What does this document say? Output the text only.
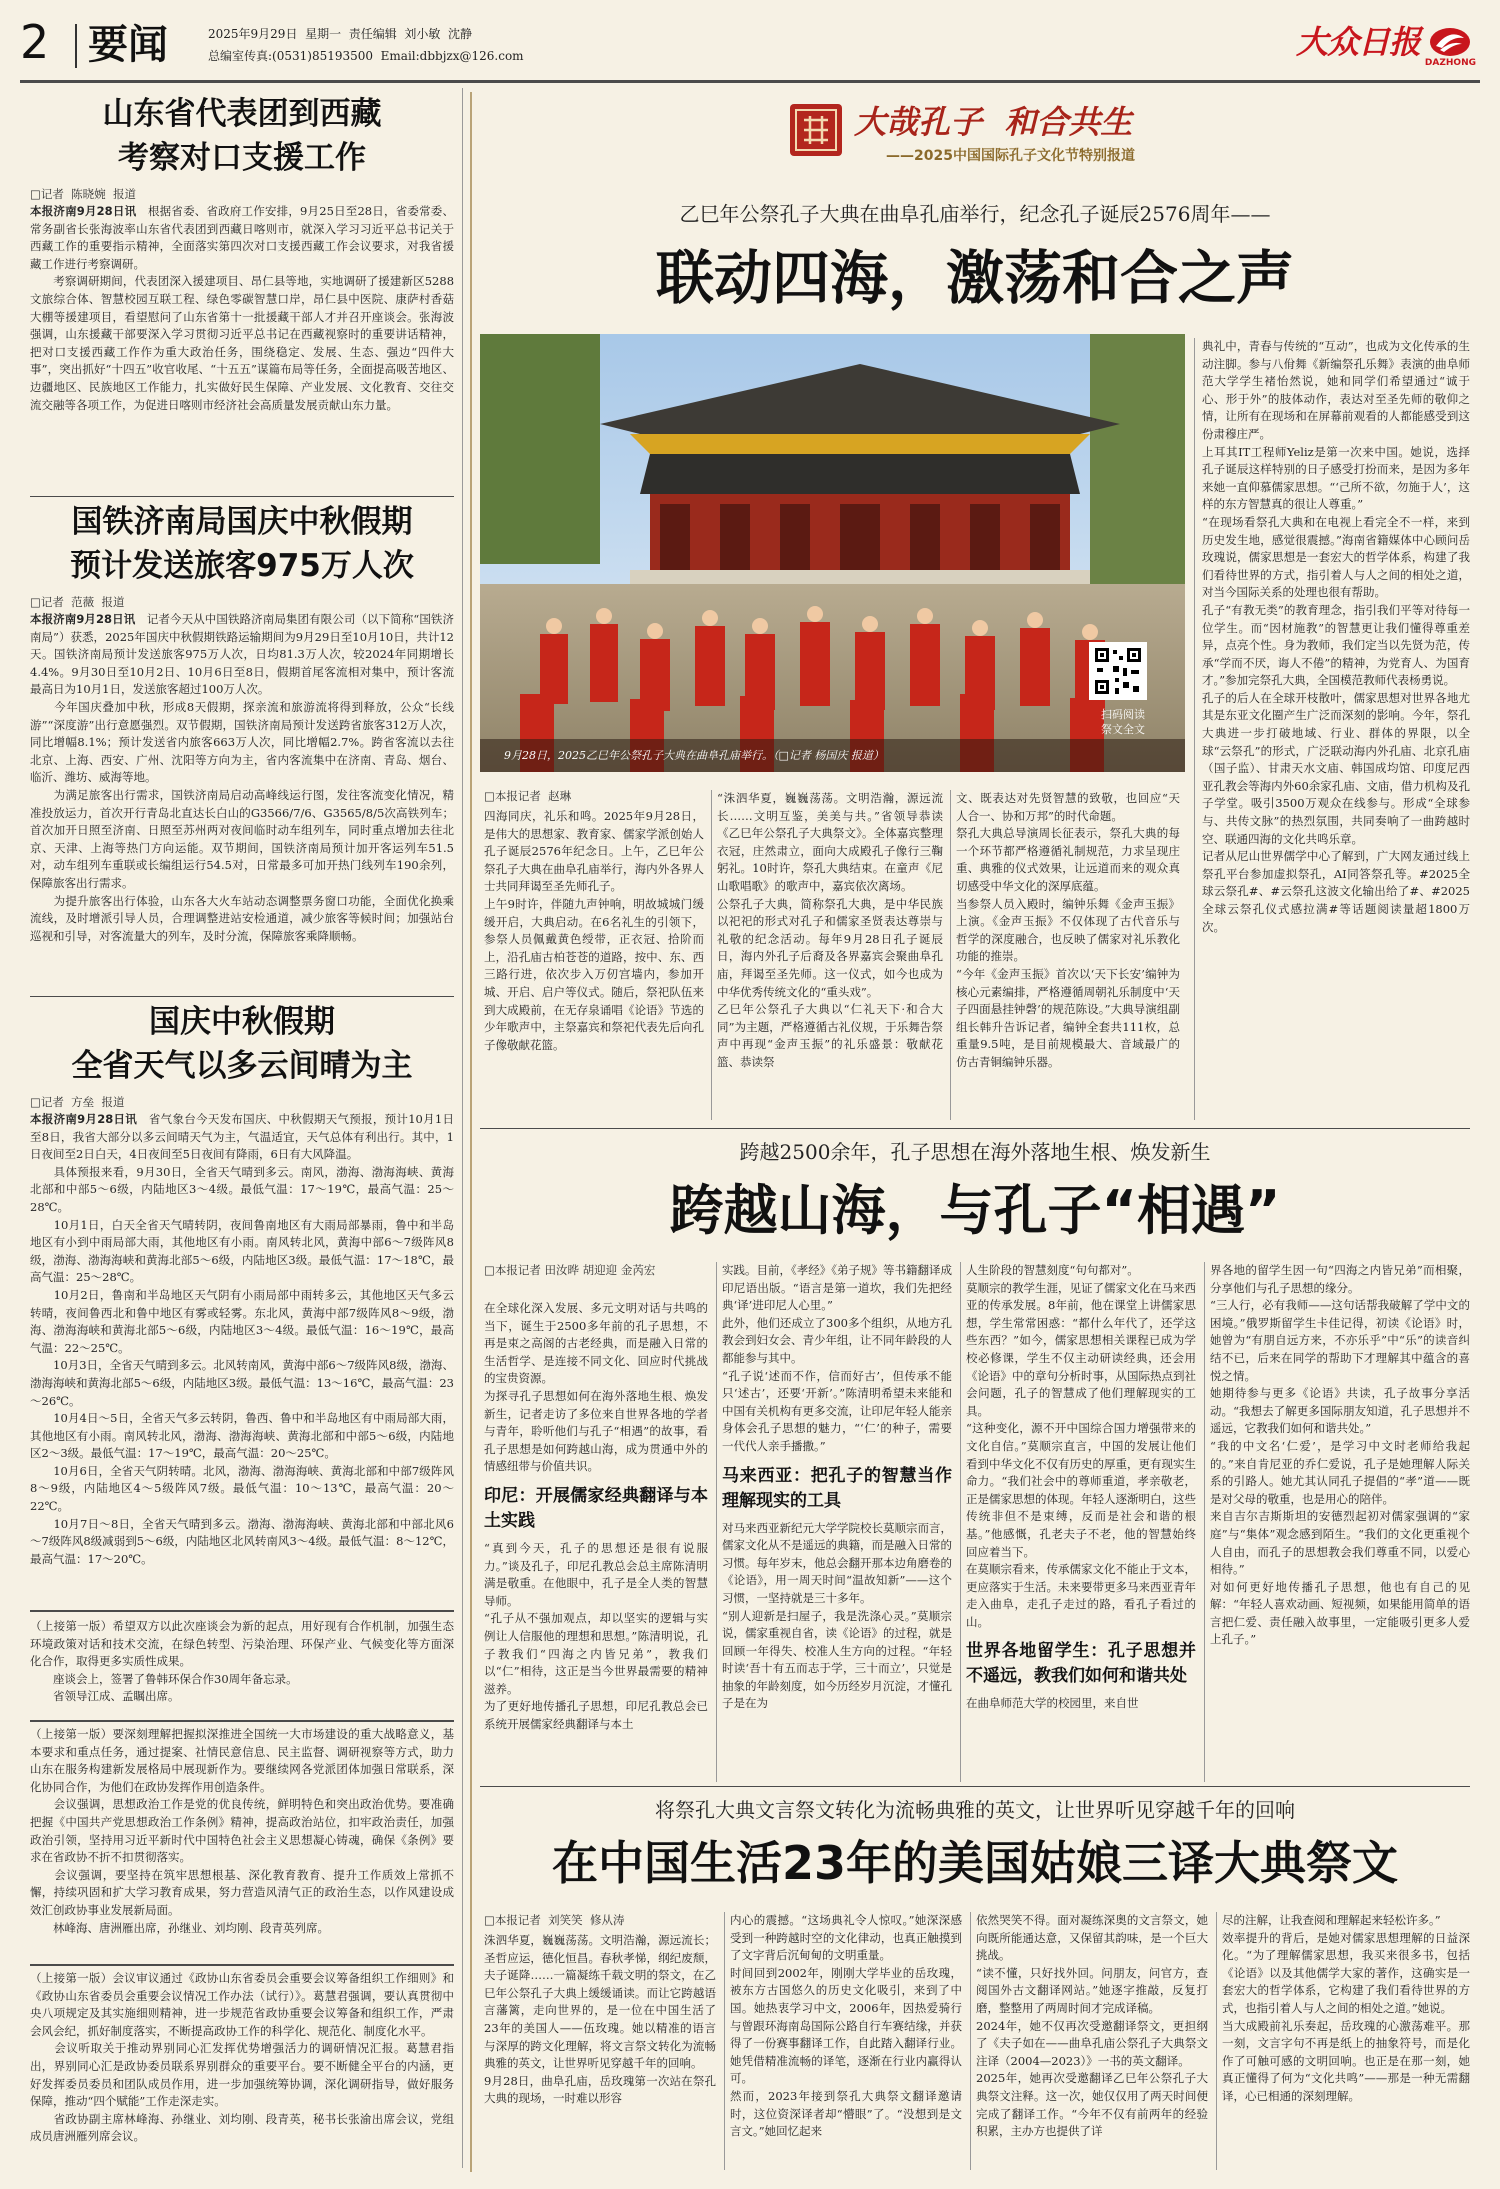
2 要闻	2025年9月29日  星期一  责任编辑  刘小敏  沈静
总编室传真:(0531)85193500  Email:dbbjzx@126.com	大众日报
DAZHONG
山东省代表团到西藏
考察对口支援工作
□记者  陈晓婉  报道
本报济南9月28日讯　 根据省委、省政府工作安排，9月25日至28日，省委常委、常务副省长张海波率山东省代表团到西藏日喀则市，就深入学习习近平总书记关于西藏工作的重要指示精神，全面落实第四次对口支援西藏工作会议要求，对我省援藏工作进行考察调研。
　　考察调研期间，代表团深入援建项目、昂仁县等地，实地调研了援建新区5288文旅综合体、智慧校园互联工程、绿色零碳智慧口岸，昂仁县中医院、康萨村香菇大棚等援建项目，看望慰问了山东省第十一批援藏干部人才并召开座谈会。张海波强调，山东援藏干部要深入学习贯彻习近平总书记在西藏视察时的重要讲话精神，把对口支援西藏工作作为重大政治任务，围绕稳定、发展、生态、强边“四件大事”，突出抓好“十四五”收官收尾、“十五五”谋篇布局等任务，全面提高吸苦地区、边疆地区、民族地区工作能力，扎实做好民生保障、产业发展、文化教育、交往交流交融等各项工作，为促进日喀则市经济社会高质量发展贡献山东力量。
国铁济南局国庆中秋假期
预计发送旅客975万人次
□记者  范薇  报道
本报济南9月28日讯　 记者今天从中国铁路济南局集团有限公司（以下简称“国铁济南局”）获悉，2025年国庆中秋假期铁路运输期间为9月29日至10月10日，共计12天。国铁济南局预计发送旅客975万人次，日均81.3万人次，较2024年同期增长4.4%。9月30日至10月2日、10月6日至8日，假期首尾客流相对集中，预计客流最高日为10月1日，发送旅客超过100万人次。
　　今年国庆叠加中秋，形成8天假期，探亲流和旅游流将得到释放，公众“长线游”“深度游”出行意愿强烈。双节假期，国铁济南局预计发送跨省旅客312万人次，同比增幅8.1%；预计发送省内旅客663万人次，同比增幅2.7%。跨省客流以去往北京、上海、西安、广州、沈阳等方向为主，省内客流集中在济南、青岛、烟台、临沂、潍坊、威海等地。
　　为满足旅客出行需求，国铁济南局启动高峰线运行图，发往客流变化情况，精准投放运力，首次开行青岛北直达长白山的G3566/7/6、G3565/8/5次高铁列车；首次加开日照至济南、日照至苏州两对夜间临时动车组列车，同时重点增加去往北京、天津、上海等热门方向运能。双节期间，国铁济南局预计加开客运列车51.5对，动车组列车重联或长编组运行54.5对，日常最多可加开热门线列车190余列，保障旅客出行需求。
　　为提升旅客出行体验，山东各大火车站动态调整票务窗口功能，全面优化换乘流线，及时增派引导人员，合理调整进站安检通道，减少旅客等候时间；加强站台巡视和引导，对客流量大的列车，及时分流，保障旅客乘降顺畅。
国庆中秋假期
全省天气以多云间晴为主
□记者  方垒  报道
本报济南9月28日讯　 省气象台今天发布国庆、中秋假期天气预报，预计10月1日至8日，我省大部分以多云间晴天气为主，气温适宜，天气总体有利出行。其中，1日夜间至2日白天，4日夜间至5日夜间有降雨，6日有大风降温。
　　具体预报来看，9月30日，全省天气晴到多云。南风，渤海、渤海海峡、黄海北部和中部5～6级，内陆地区3～4级。最低气温：17～19℃，最高气温：25～28℃。
　　10月1日，白天全省天气晴转阴，夜间鲁南地区有大雨局部暴雨，鲁中和半岛地区有小到中雨局部大雨，其他地区有小雨。南风转北风，黄海中部6～7级阵风8级，渤海、渤海海峡和黄海北部5～6级，内陆地区3级。最低气温：17～18℃，最高气温：25～28℃。
　　10月2日，鲁南和半岛地区天气阴有小雨局部中雨转多云，其他地区天气多云转晴，夜间鲁西北和鲁中地区有雾或轻雾。东北风，黄海中部7级阵风8～9级，渤海、渤海海峡和黄海北部5～6级，内陆地区3～4级。最低气温：16～19℃，最高气温：22～25℃。
　　10月3日，全省天气晴到多云。北风转南风，黄海中部6～7级阵风8级，渤海、渤海海峡和黄海北部5～6级，内陆地区3级。最低气温：13～16℃，最高气温：23～26℃。
　　10月4日～5日，全省天气多云转阴，鲁西、鲁中和半岛地区有中雨局部大雨，其他地区有小雨。南风转北风，渤海、渤海海峡、黄海北部和中部5～6级，内陆地区2～3级。最低气温：17～19℃，最高气温：20～25℃。
　　10月6日，全省天气阴转晴。北风，渤海、渤海海峡、黄海北部和中部7级阵风8～9级，内陆地区4～5级阵风7级。最低气温：10～13℃，最高气温：20～22℃。
　　10月7日～8日，全省天气晴到多云。渤海、渤海海峡、黄海北部和中部北风6～7级阵风8级减弱到5～6级，内陆地区北风转南风3～4级。最低气温：8～12℃，最高气温：17～20℃。
（上接第一版）希望双方以此次座谈会为新的起点，用好现有合作机制，加强生态环境政策对话和技术交流，在绿色转型、污染治理、环保产业、气候变化等方面深化合作，取得更多实质性成果。
　　座谈会上，签署了鲁韩环保合作30周年备忘录。
　　省领导江成、孟瞩出席。
（上接第一版）要深刻理解把握拟深推进全国统一大市场建设的重大战略意义，基本要求和重点任务，通过提案、社情民意信息、民主监督、调研视察等方式，助力山东在服务构建新发展格局中展现新作为。要继续网各党派团体加强日常联系，深化协同合作，为他们在政协发挥作用创造条件。
　　会议强调，思想政治工作是党的优良传统，鲜明特色和突出政治优势。要准确把握《中国共产党思想政治工作条例》精神，提高政治站位，扣牢政治责任，加强政治引领，坚持用习近平新时代中国特色社会主义思想凝心铸魂，确保《条例》要求在省政协不折不扣贯彻落实。
　　会议强调，要坚持在筑牢思想根基、深化教育教育、提升工作质效上常抓不懈，持续巩固和扩大学习教育成果，努力营造风清气正的政治生态，以作风建设成效汇创政协事业发展新局面。
　　林峰海、唐洲雁出席，孙继业、刘均刚、段青英列席。
（上接第一版）会议审议通过《政协山东省委员会重要会议筹备组织工作细则》和《政协山东省委员会重要会议情况工作办法（试行）》。葛慧君强调，要认真贯彻中央八项规定及其实施细则精神，进一步规范省政协重要会议筹备和组织工作，严肃会风会纪，抓好制度落实，不断提高政协工作的科学化、规范化、制度化水平。
　　会议听取关于推动界别同心汇发挥优势增强活力的调研情况汇报。葛慧君指出，界别同心汇是政协委员联系界别群众的重要平台。要不断健全平台的内涵，更好发挥委员委员和团队成员作用，进一步加强统筹协调，深化调研指导，做好服务保障，推动“四个赋能”工作走深走实。
　　省政协副主席林峰海、孙继业、刘均刚、段青英，秘书长张渝出席会议，党组成员唐洲雁列席会议。
大哉孔子  和合共生
——2025中国国际孔子文化节特别报道
乙巳年公祭孔子大典在曲阜孔庙举行，纪念孔子诞辰2576周年——
联动四海，激荡和合之声
9月28日，2025乙巳年公祭孔子大典在曲阜孔庙举行。（□记者 杨国庆 报道）
扫码阅读
祭文全文
□本报记者  赵琳
四海同庆，礼乐和鸣。2025年9月28日，是伟大的思想家、教育家、儒家学派创始人孔子诞辰2576年纪念日。上午，乙巳年公祭孔子大典在曲阜孔庙举行，海内外各界人士共同拜谒至圣先师孔子。
上午9时许，伴随九声钟响，明故城城门缓缓开启，大典启动。在6名礼生的引领下，参祭人员佩戴黄色绶带，正衣冠、拾阶而上，沿孔庙古柏苍苍的道路，按中、东、西三路行进，依次步入万仞宫墙内，参加开城、开启、启户等仪式。随后，祭祀队伍来到大成殿前，在无存泉诵唱《论语》节选的少年歌声中，主祭嘉宾和祭祀代表先后向孔子像敬献花篮。
“洙泗华夏，巍巍荡荡。文明浩瀚，源远流长……文明互鉴，美美与共。”省领导恭读《乙巳年公祭孔子大典祭文》。全体嘉宾整理衣冠，庄然肃立，面向大成殿孔子像行三鞠躬礼。10时许，祭孔大典结束。在童声《尼山歌唱歌》的歌声中，嘉宾依次离场。
公祭孔子大典，简称祭孔大典，是中华民族以祀祀的形式对孔子和儒家圣贤表达尊崇与礼敬的纪念活动。每年9月28日孔子诞辰日，海内外孔子后裔及各界嘉宾会聚曲阜孔庙，拜谒至圣先师。这一仪式，如今也成为中华优秀传统文化的“重头戏”。
乙巳年公祭孔子大典以“仁礼天下·和合大同”为主题，严格遵循古礼仪规，于乐舞告祭声中再现“金声玉振”的礼乐盛景：敬献花篮、恭读祭
文、既表达对先贤智慧的致敬，也回应“天人合一、协和万邦”的时代命题。
祭孔大典总导演周长征表示，祭孔大典的每一个环节都严格遵循礼制规范，力求呈现庄重、典雅的仪式效果，让远道而来的观众真切感受中华文化的深厚底蕴。
当参祭人员入殿时，编钟乐舞《金声玉振》上演。《金声玉振》不仅体现了古代音乐与哲学的深度融合，也反映了儒家对礼乐教化功能的推崇。
“今年《金声玉振》首次以‘天下长安’编钟为核心元素编排，严格遵循周朝礼乐制度中‘天子四面悬挂钟磬’的规范陈设。”大典导演组副组长韩升告诉记者，编钟全套共111枚，总重量9.5吨，是目前规模最大、音域最广的仿古青铜编钟乐器。
典礼中，青春与传统的“互动”，也成为文化传承的生动注脚。参与八佾舞《新编祭孔乐舞》表演的曲阜师范大学学生褚怡然说，她和同学们希望通过“诚于心、形于外”的肢体动作，表达对至圣先师的敬仰之情，让所有在现场和在屏幕前观看的人都能感受到这份肃穆庄严。
上耳其IT工程师Yeliz是第一次来中国。她说，选择孔子诞辰这样特别的日子感受打扮而来，是因为多年来她一直仰慕儒家思想。“‘己所不欲，勿施于人’，这样的东方智慧真的很让人尊重。”
“在现场看祭孔大典和在电视上看完全不一样，来到历史发生地，感觉很震撼。”海南省籍媒体中心顾问岳玫瑰说，儒家思想是一套宏大的哲学体系，构建了我们看待世界的方式，指引着人与人之间的相处之道，对当今国际关系的处理也很有帮助。
孔子“有教无类”的教育理念，指引我们平等对待每一位学生。而“因材施教”的智慧更让我们懂得尊重差异，点亮个性。身为教师，我们定当以先贤为范，传承“学而不厌，诲人不倦”的精神，为党育人、为国育才。”参加完祭孔大典，全国模范教师代表杨勇说。
孔子的后人在全球开枝散叶，儒家思想对世界各地尤其是东亚文化圈产生广泛而深刻的影响。今年，祭孔大典进一步打破地域、行业、群体的界限，以全球“云祭孔”的形式，广泛联动海内外孔庙、北京孔庙（国子监）、甘肃天水文庙、韩国成均馆、印度尼西亚孔教会等海内外60余家孔庙、文庙，借力机构及孔子学堂。吸引3500万观众在线参与。形成“全球参与、共传文脉”的热烈氛围，共同奏响了一曲跨越时空、联通四海的文化共鸣乐章。
记者从尼山世界儒学中心了解到，广大网友通过线上祭孔平台参加虚拟祭孔，AI同答祭孔等。#2025全球云祭孔#、#云祭孔这波文化输出给了#、#2025全球云祭孔仪式感拉满#等话题阅读量超1800万次。
跨越2500余年，孔子思想在海外落地生根、焕发新生
跨越山海，与孔子“相遇”
□本报记者 田汝晔 胡迎迎 金芮宏
在全球化深入发展、多元文明对话与共鸣的当下，诞生于2500多年前的孔子思想，不再是束之高阁的古老经典，而是融入日常的生活哲学、是连接不同文化、回应时代挑战的宝贵资源。
为探寻孔子思想如何在海外落地生根、焕发新生，记者走访了多位来自世界各地的学者与青年，聆听他们与孔子“相遇”的故事，看孔子思想是如何跨越山海，成为贯通中外的情感纽带与价值共识。
印尼：开展儒家经典翻译与本土实践
“真到今天，孔子的思想还是很有说服力。”谈及孔子，印尼孔教总会总主席陈清明满是敬重。在他眼中，孔子是全人类的智慧导师。
“孔子从不强加观点，却以坚实的逻辑与实例让人信服他的理想和思想。”陈清明说，孔子教我们“四海之内皆兄弟”，教我们以“仁”相待，这正是当今世界最需要的精神滋养。
为了更好地传播孔子思想，印尼孔教总会已系统开展儒家经典翻译与本土
实践。目前，《孝经》《弟子规》等书籍翻译成印尼语出版。“语言是第一道坎，我们先把经典‘译’进印尼人心里。”
此外，他们还成立了300多个组织，从地方孔教会到妇女会、青少年组，让不同年龄段的人都能参与其中。
“孔子说‘述而不作，信而好古’，但传承不能只‘述古’，还要‘开新’。”陈清明希望未来能和中国有关机构有更多交流，让印尼年轻人能亲身体会孔子思想的魅力，“‘仁’的种子，需要一代代人亲手播撒。”
马来西亚：把孔子的智慧当作理解现实的工具
对马来西亚新纪元大学学院校长莫顺宗而言，儒家文化从不是遥远的典籍，而是融入日常的习惯。每年岁末，他总会翻开那本边角磨卷的《论语》，用一周天时间“温故知新”——这个习惯，一坚持就是三十多年。
“别人迎新是扫屋子，我是洗涤心灵。”莫顺宗说，儒家重视自省，读《论语》的过程，就是回顾一年得失、校准人生方向的过程。“年轻时读‘吾十有五而志于学，三十而立’，只觉是抽象的年龄刻度，如今历经岁月沉淀，才懂孔子是在为
人生阶段的智慧刻度“句句都对”。
莫顺宗的教学生涯，见证了儒家文化在马来西亚的传承发展。8年前，他在课堂上讲儒家思想，学生常常困惑：“都什么年代了，还学这些东西？”如今，儒家思想相关课程已成为学校必修课，学生不仅主动研读经典，还会用《论语》中的章句分析时事，从国际热点到社会问题，孔子的智慧成了他们理解现实的工具。
“这种变化，源不开中国综合国力增强带来的文化自信。”莫顺宗直言，中国的发展让他们看到中华文化不仅有历史的厚重，更有现实生命力。“我们社会中的尊师重道，孝亲敬老，正是儒家思想的体现。年轻人逐渐明白，这些传统非但不是束缚，反而是社会和谐的根基。”他感慨，孔老夫子不老，他的智慧始终回应着当下。
在莫顺宗看来，传承儒家文化不能止于文本，更应落实于生活。未来要带更多马来西亚青年走入曲阜，走孔子走过的路，看孔子看过的山。
世界各地留学生：孔子思想并不遥远，教我们如何和谐共处
在曲阜师范大学的校园里，来自世
界各地的留学生因一句“四海之内皆兄弟”而相聚，分享他们与孔子思想的缘分。
“三人行，必有我师——这句话帮我破解了学中文的困境。”俄罗斯留学生卡佳记得，初读《论语》时，她曾为“有朋自远方来，不亦乐乎”中“乐”的读音纠结不已，后来在同学的帮助下才理解其中蕴含的喜悦之情。
她期待参与更多《论语》共读，孔子故事分享活动。“我想去了解更多国际朋友知道，孔子思想并不遥远，它教我们如何和谐共处。”
“我的中文名‘仁爱’，是学习中文时老师给我起的。”来自肯尼亚的乔仁爱说，孔子是她理解人际关系的引路人。她尤其认同孔子提倡的“孝”道——既是对父母的敬重，也是用心的陪伴。
来自吉尔吉斯斯坦的安德烈起初对儒家强调的“家庭”与“集体”观念感到陌生。“我们的文化更重视个人自由，而孔子的思想教会我们尊重不同，以爱心相待。”
对如何更好地传播孔子思想，他也有自己的见解：“年轻人喜欢动画、短视频，如果能用简单的语言把仁爱、责任融入故事里，一定能吸引更多人爱上孔子。”
将祭孔大典文言祭文转化为流畅典雅的英文，让世界听见穿越千年的回响
在中国生活23年的美国姑娘三译大典祭文
□本报记者  刘笑笑  修从涛
洙泗华夏，巍巍荡荡。文明浩瀚，源远流长；圣哲应运，德化恒昌。春秋孝悌，纲纪废颓，夫子诞降……一篇凝练千载文明的祭文，在乙巳年公祭孔子大典上缓缓诵读。而让它跨越语言藩篱，走向世界的，是一位在中国生活了23年的美国人——伍玫瑰。她以精准的语言与深厚的跨文化理解，将文言祭文转化为流畅典雅的英文，让世界听见穿越千年的回响。
9月28日，曲阜孔庙，岳玫瑰第一次站在祭孔大典的现场，一时难以形容
内心的震撼。“这场典礼令人惊叹。”她深深感受到一种跨越时空的文化律动，也真正触摸到了文字背后沉甸甸的文明重量。
时间回到2002年，刚刚大学毕业的岳玫瑰，被东方古国悠久的历史文化吸引，来到了中国。她热衷学习中文，2006年，因热爱骑行与曾跟环海南岛国际公路自行车赛结缘，并获得了一份赛事翻译工作，自此踏入翻译行业。她凭借精准流畅的译笔，逐渐在行业内赢得认可。
然而，2023年接到祭孔大典祭文翻译邀请时，这位资深译者却“懵眼”了。“没想到是文言文。”她回忆起来
依然哭笑不得。面对凝练深奥的文言祭文，她向既所能通达意，又保留其韵味，是一个巨大挑战。
“读不懂，只好找外回。问朋友，问官方，查阅国外古文翻译网站。”她逐字推敲，反复打磨，整整用了两周时间才完成译稿。
2024年，她不仅再次受邀翻译祭文，更担纲了《夫子如在——曲阜孔庙公祭孔子大典祭文注译（2004—2023）》一书的英文翻译。
2025年，她再次受邀翻译乙巳年公祭孔子大典祭文注释。这一次，她仅仅用了两天时间便完成了翻译工作。“今年不仅有前两年的经验积累，主办方也提供了详
尽的注解，让我查阅和理解起来轻松许多。”
效率提升的背后，是她对儒家思想理解的日益深化。“为了理解儒家思想，我买来很多书，包括《论语》以及其他儒学大家的著作，这确实是一套宏大的哲学体系，它构建了我们看待世界的方式，也指引着人与人之间的相处之道。”她说。
当大成殿前礼乐奏起，岳玫瑰的心激荡难平。那一刻，文言字句不再是纸上的抽象符号，而是化作了可触可感的文明回响。也正是在那一刻，她真正懂得了何为“文化共鸣”——那是一种无需翻译，心已相通的深刻理解。
